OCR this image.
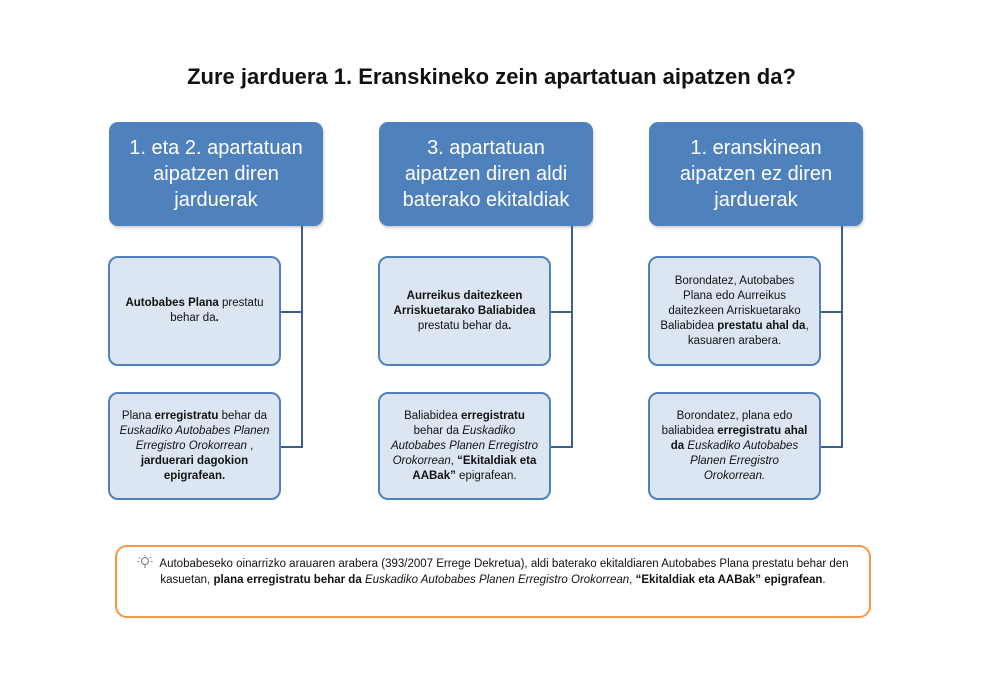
Zure jarduera 1. Eranskineko zein apartatuan aipatzen da?
1. eta 2. apartatuan aipatzen diren jarduerak
Autobabes Plana prestatu behar da.
Plana erregistratu behar da Euskadiko Autobabes Planen Erregistro Orokorrean , jarduerari dagokion epigrafean.
3. apartatuan aipatzen diren aldi baterako ekitaldiak
Aurreikus daitezkeen Arriskuetarako Baliabidea prestatu behar da.
Baliabidea erregistratu behar da Euskadiko Autobabes Planen Erregistro Orokorrean, “Ekitaldiak eta AABak” epigrafean.
1. eranskinean aipatzen ez diren jarduerak
Borondatez, Autobabes Plana edo Aurreikus daitezkeen Arriskuetarako Baliabidea prestatu ahal da, kasuaren arabera.
Borondatez, plana edo baliabidea erregistratu ahal da Euskadiko Autobabes Planen Erregistro Orokorrean.
Autobabeseko oinarrizko arauaren arabera (393/2007 Errege Dekretua), aldi baterako ekitaldiaren Autobabes Plana prestatu behar den kasuetan, plana erregistratu behar da Euskadiko Autobabes Planen Erregistro Orokorrean, “Ekitaldiak eta AABak” epigrafean.
